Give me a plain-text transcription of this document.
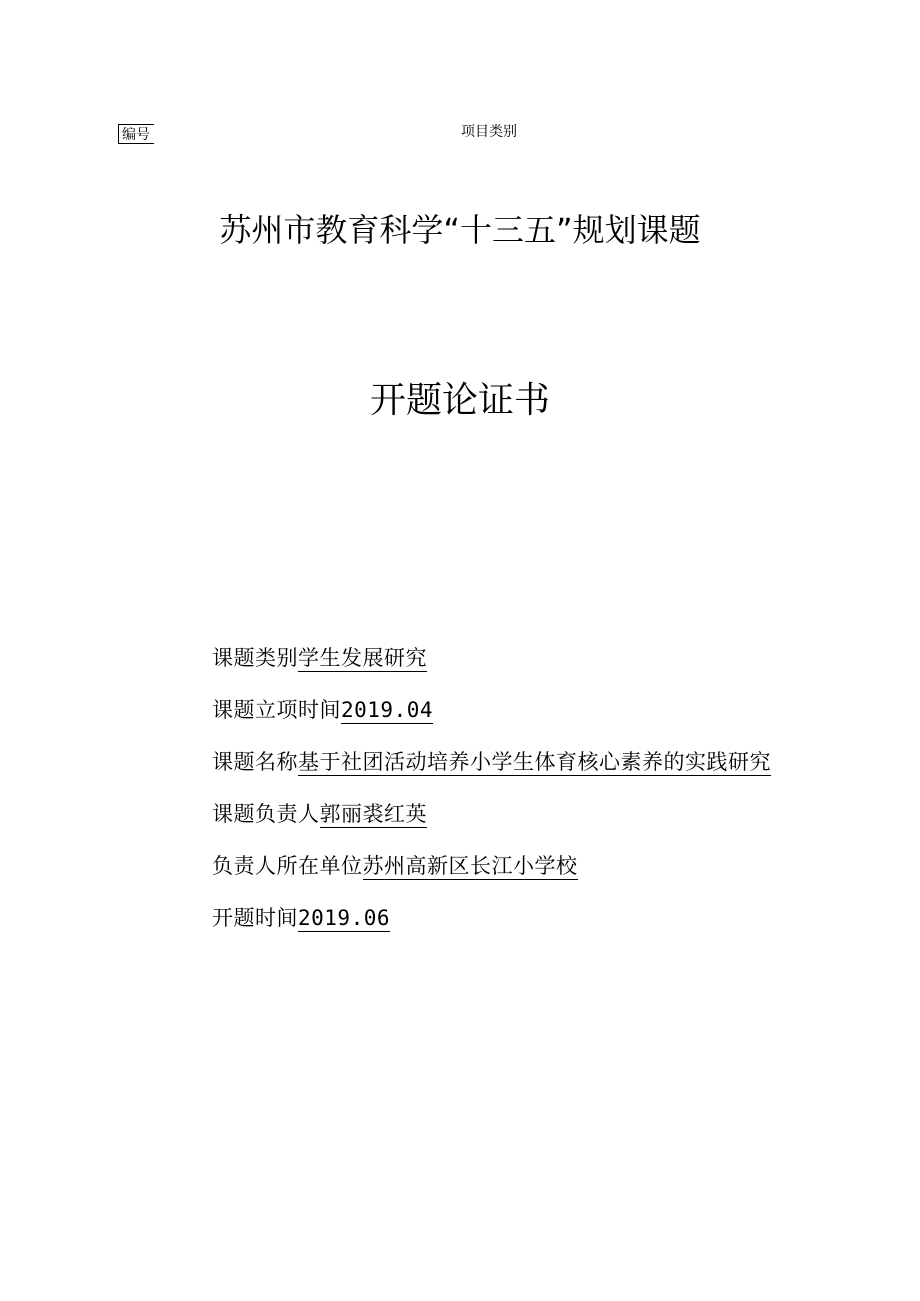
编号	项目类别
苏州市教育科学“十三五”规划课题
开题论证书
课题类别学生发展研究
课题立项时间2019.04
课题名称基于社团活动培养小学生体育核心素养的实践研究
课题负责人郭丽裘红英
负责人所在单位苏州高新区长江小学校
开题时间2019.06
